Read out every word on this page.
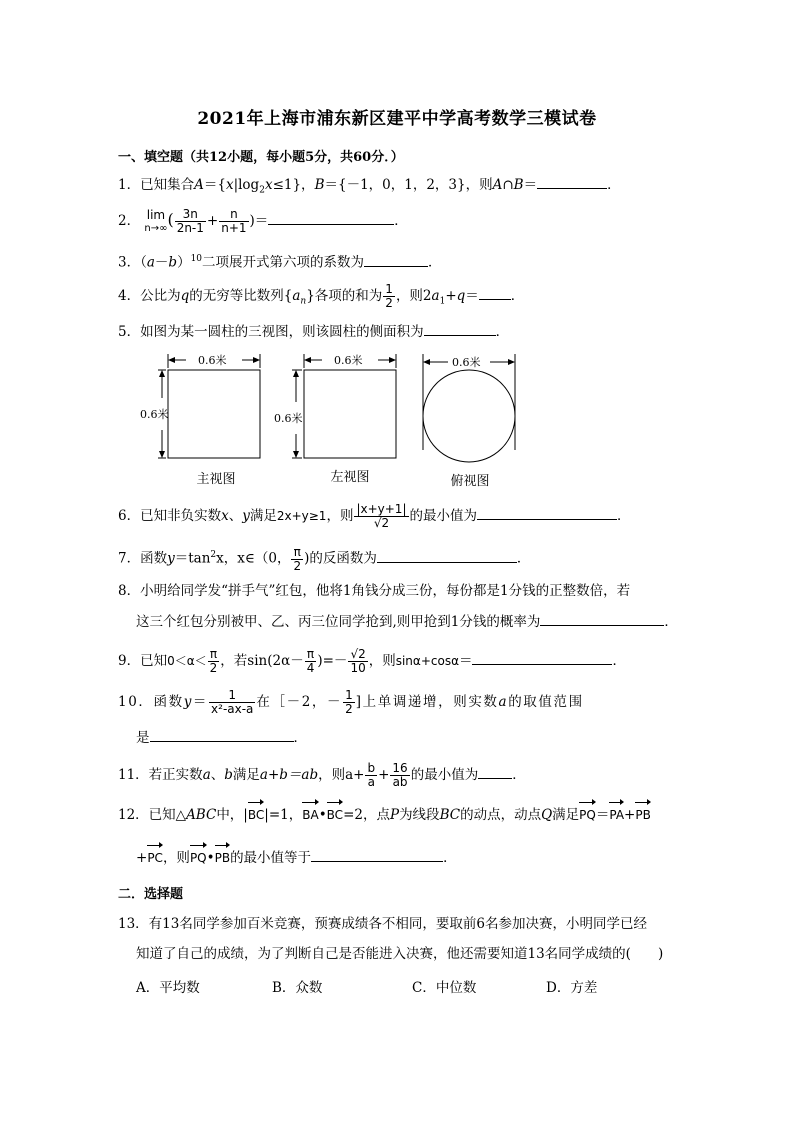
2021年上海市浦东新区建平中学高考数学三模试卷
一、填空题（共12小题，每小题5分，共60分．）
1．已知集合$A=\{x|\log_2x\le 1\}$，B＝{－1，0，1，2，3}，则A∩B＝	．
2． lim
n→∞ ( $\frac{3n}{2n-1} + \frac{n}{n+1}$ )＝	．
3．$(a-b)^{10}$二项展开式第六项的系数为	．
4．公比为q的无穷等比数列$\{a_n\}$各项的和为 $\frac{1}{2}$ ，则$2a_1+q=$ ．
5．如图为某一圆柱的三视图，则该圆柱的侧面积为	．
0.6米
0.6米
0.6米
0.6米
0.6米
主视图	左视图	俯视图
6．已知非负实数x、y满足2x+y≥1，则 $\frac{|x+y+1|}{√2}$ 的最小值为	．
7．函数$y=\tan^2x$，x∈（0， $\frac{\pi}{2}$ )的反函数为	．
8．小明给同学发“拼手气”红包，他将1角钱分成三份，每份都是1分钱的正整数倍，若
这三个红包分别被甲、乙、丙三位同学抢到,则甲抢到1分钱的概率为	．
9．已知$0<\alpha< \frac{\pi}{2}$ ，若$\sin(2\alpha- \frac{\pi}{4}$ )=－ $\frac{√2}{10}$ ，则sinα+cosα＝	．
10．函数$y= \frac{1}{\text{x²-ax-a}}$ 在［－2，－ $\frac{1}{2}$ ]上单调递增，则实数a的取值范围
是	．
11．若正实数a、b满足a+b＝ab，则$a+ \frac{b}{a} + \frac{16}{ab}$ 的最小值为	．
12．已知△ABC中，|BC|=1，BA•BC=2，点P为线段BC的动点，动点Q满足PQ＝PA+PB
+PC，则PQ•PB的最小值等于	．
二．选择题
13．有13名同学参加百米竞赛，预赛成绩各不相同，要取前6名参加决赛，小明同学已经
知道了自己的成绩，为了判断自己是否能进入决赛，他还需要知道13名同学成绩的(　　)
A．平均数	B．众数	C．中位数	D．方差
